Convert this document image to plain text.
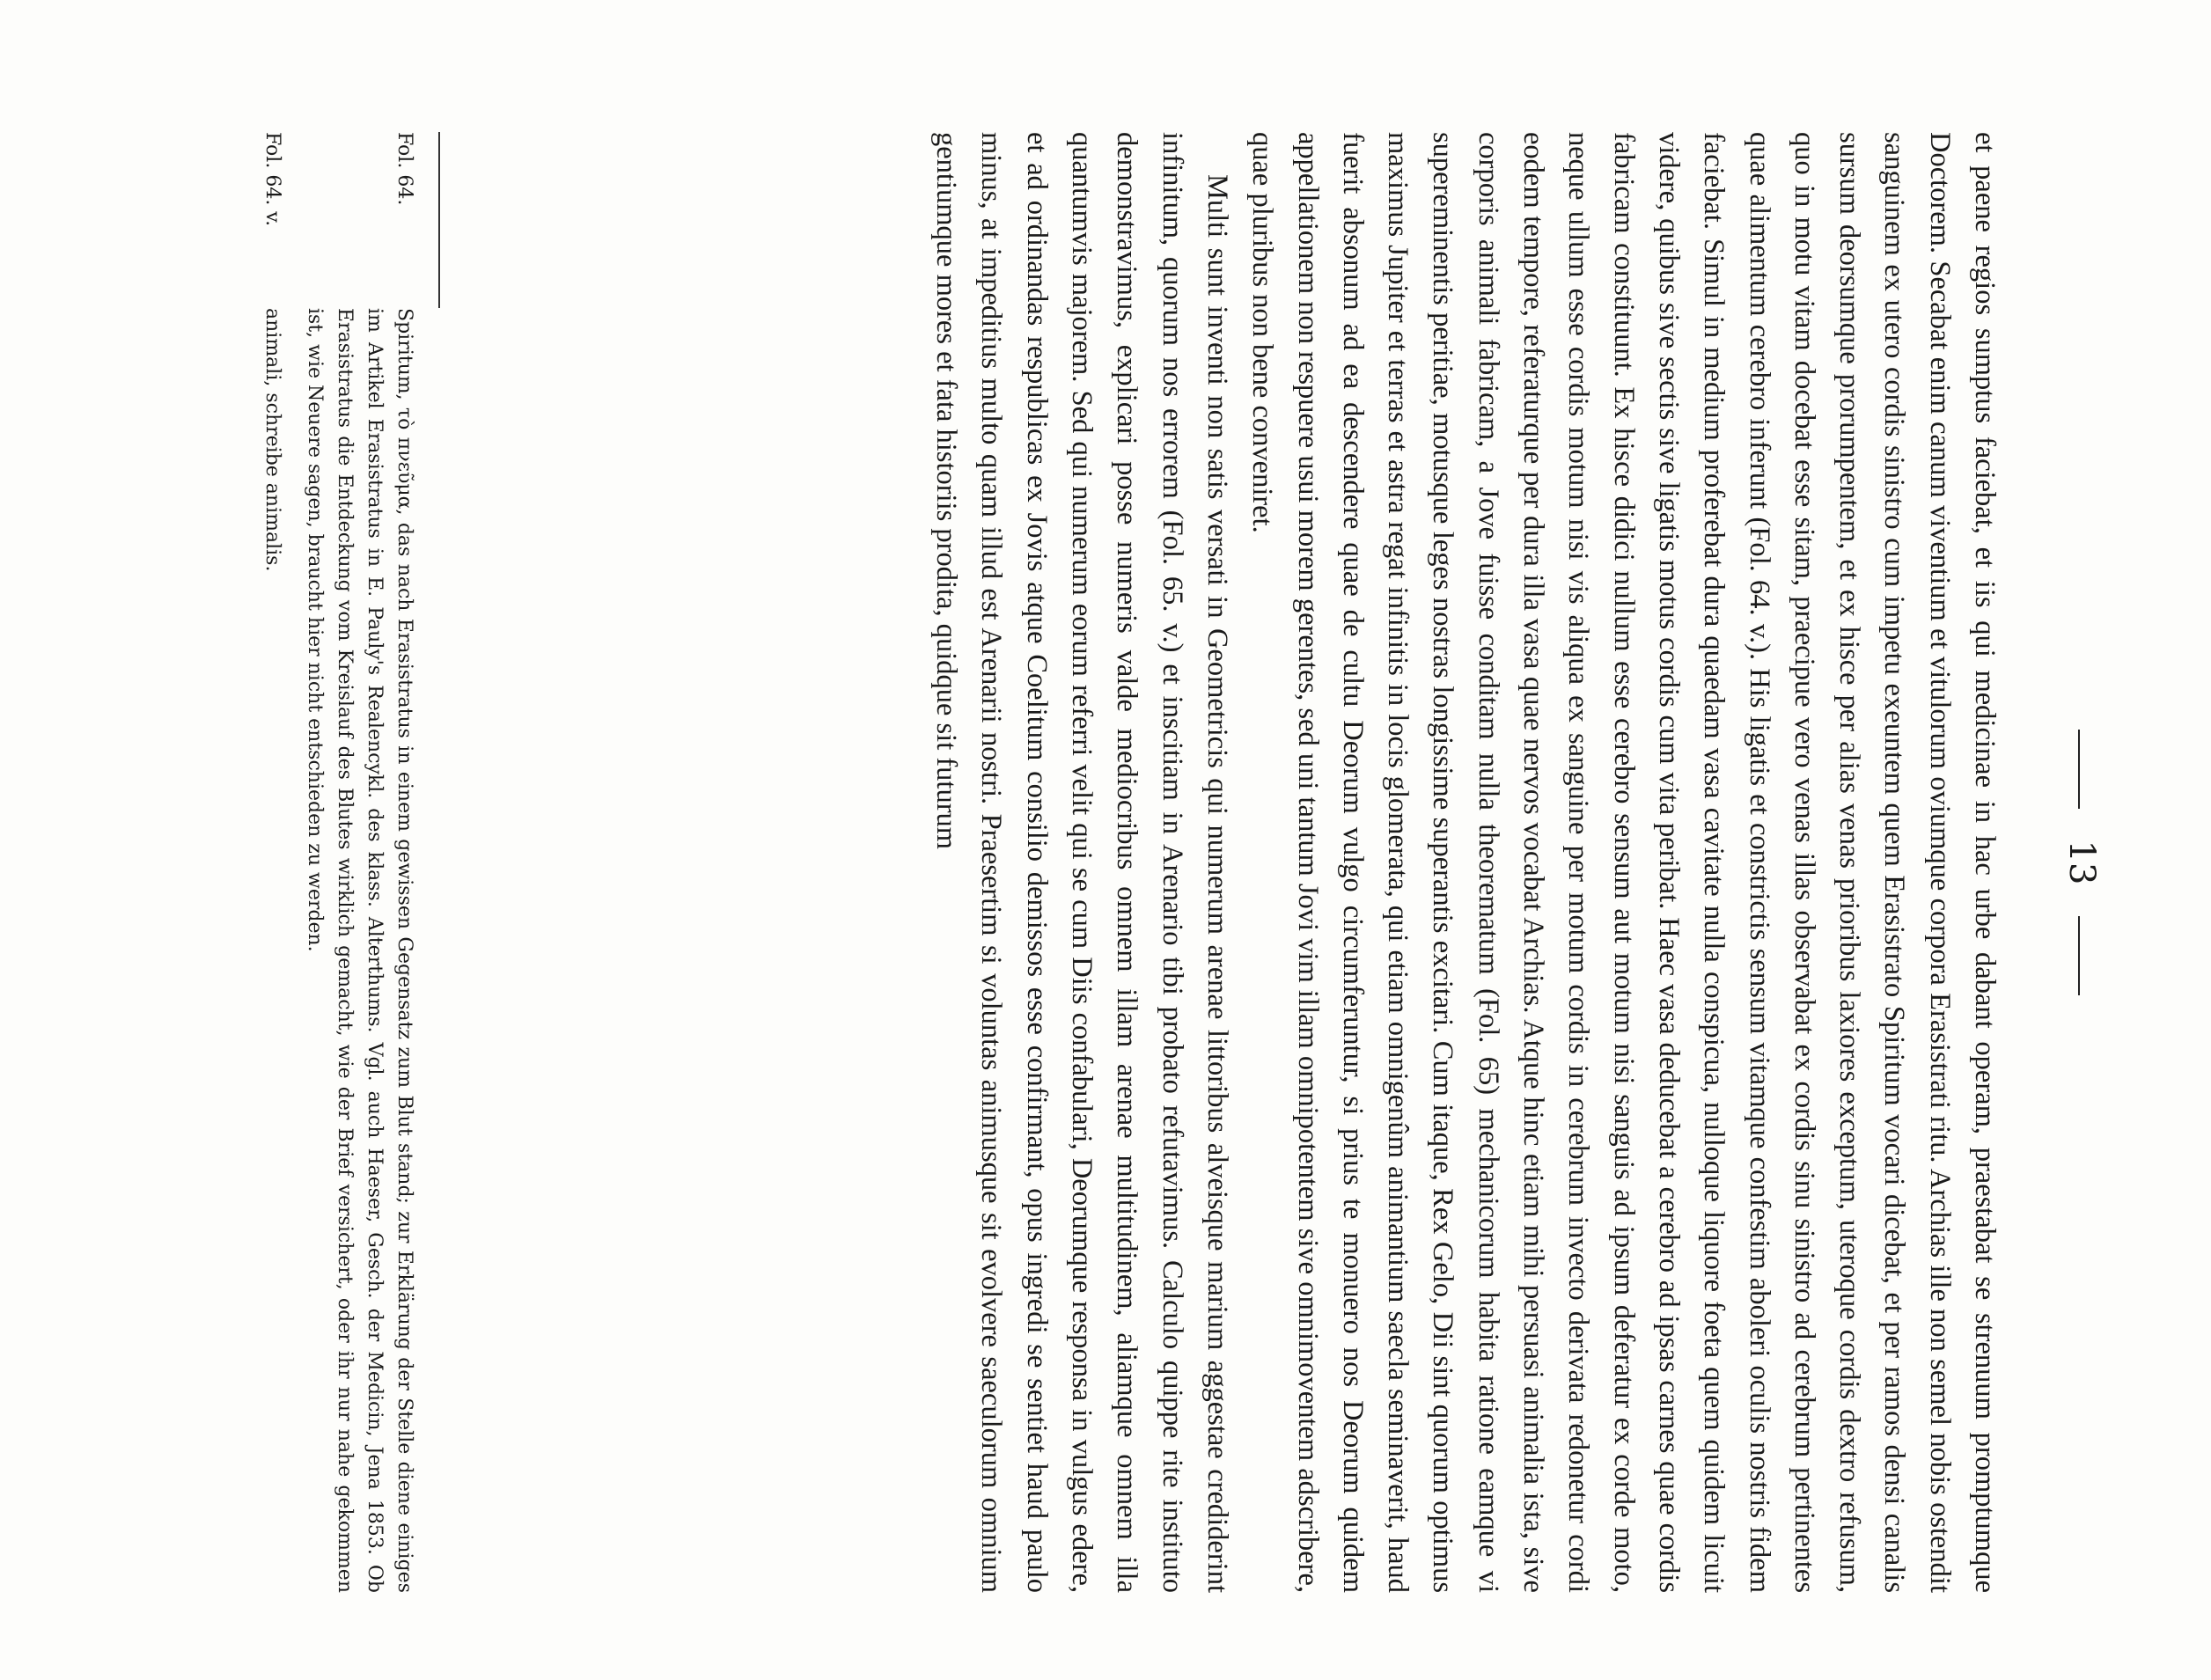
13

et paene regios sumptus faciebat, et iis qui medicinae in hac urbe dabant operam, praestabat se strenuum promptumque Doctorem. Secabat enim canum viventium et vitulorum oviumque corpora Erasistrati ritu. Archias ille non semel nobis ostendit sanguinem ex utero cordis sinistro cum impetu exeuntem quem Erasistrato Spiritum vocari dicebat, et per ramos densi canalis sursum deorsumque prorumpentem, et ex hisce per alias venas prioribus laxiores exceptum, uteroque cordis dextro refusum, quo in motu vitam docebat esse sitam, praecipue vero venas illas observabat ex cordis sinu sinistro ad cerebrum pertinentes quae alimentum cerebro inferunt (Fol. 64. v.). His ligatis et constrictis sensum vitamque confestim aboleri oculis nostris fidem faciebat. Simul in medium proferebat dura quaedam vasa cavitate nulla conspicua, nulloque liquore foeta quem quidem licuit videre, quibus sive sectis sive ligatis motus cordis cum vita peribat. Haec vasa deducebat a cerebro ad ipsas carnes quae cordis fabricam constituunt. Ex hisce didici nullum esse cerebro sensum aut motum nisi sanguis ad ipsum deferatur ex corde moto, neque ullum esse cordis motum nisi vis aliqua ex sanguine per motum cordis in cerebrum invecto derivata redonetur cordi eodem tempore, referaturque per dura illa vasa quae nervos vocabat Archias. Atque hinc etiam mihi persuasi animalia ista, sive corporis animali fabricam, a Jove fuisse conditam nulla theorematum (Fol. 65) mechanicorum habita ratione eamque vi supereminentis peritiae, motusque leges nostras longissime superantis excitari. Cum itaque, Rex Gelo, Dii sint quorum optimus maximus Jupiter et terras et astra regat infinitis in locis glomerata, qui etiam omnigenûm animantium saecla seminaverit, haud fuerit absonum ad ea descendere quae de cultu Deorum vulgo circumferuntur, si prius te monuero nos Deorum quidem appellationem non respuere usui morem gerentes, sed uni tantum Jovi vim illam omnipotentem sive omnimoventem adscribere, quae pluribus non bene conveniret.

Multi sunt inventi non satis versati in Geometricis qui numerum arenae littoribus alveisque marium aggestae crediderint infinitum, quorum nos errorem (Fol. 65. v.) et inscitiam in Arenario tibi probato refutavimus. Calculo quippe rite instituto demonstravimus, explicari posse numeris valde mediocribus omnem illam arenae multitudinem, aliamque omnem illa quantumvis majorem. Sed qui numerum eorum referri velit qui se cum Diis confabulari, Deorumque responsa in vulgus edere, et ad ordinandas respublicas ex Jovis atque Coelitum consilio demissos esse confirmant, opus ingredi se sentiet haud paulo minus, at impeditius multo quam illud est Arenarii nostri. Praesertim si voluntas animusque sit evolvere saeculorum omnium gentiumque mores et fata historiis prodita, quidque sit futurum

Fol. 64.
Spiritum, τὸ πνεῦμα, das nach Erasistratus in einem gewissen Gegensatz zum Blut stand; zur Erklärung der Stelle diene einiges im Artikel Erasistratus in E. Pauly's Realencykl. des klass. Alterthums. Vgl. auch Haeser, Gesch. der Medicin, Jena 1853. Ob Erasistratus die Entdeckung vom Kreislauf des Blutes wirklich gemacht, wie der Brief versichert, oder ihr nur nahe gekommen ist, wie Neuere sagen, braucht hier nicht entschieden zu werden.
Fol. 64. v.
animali, schreibe animalis.
